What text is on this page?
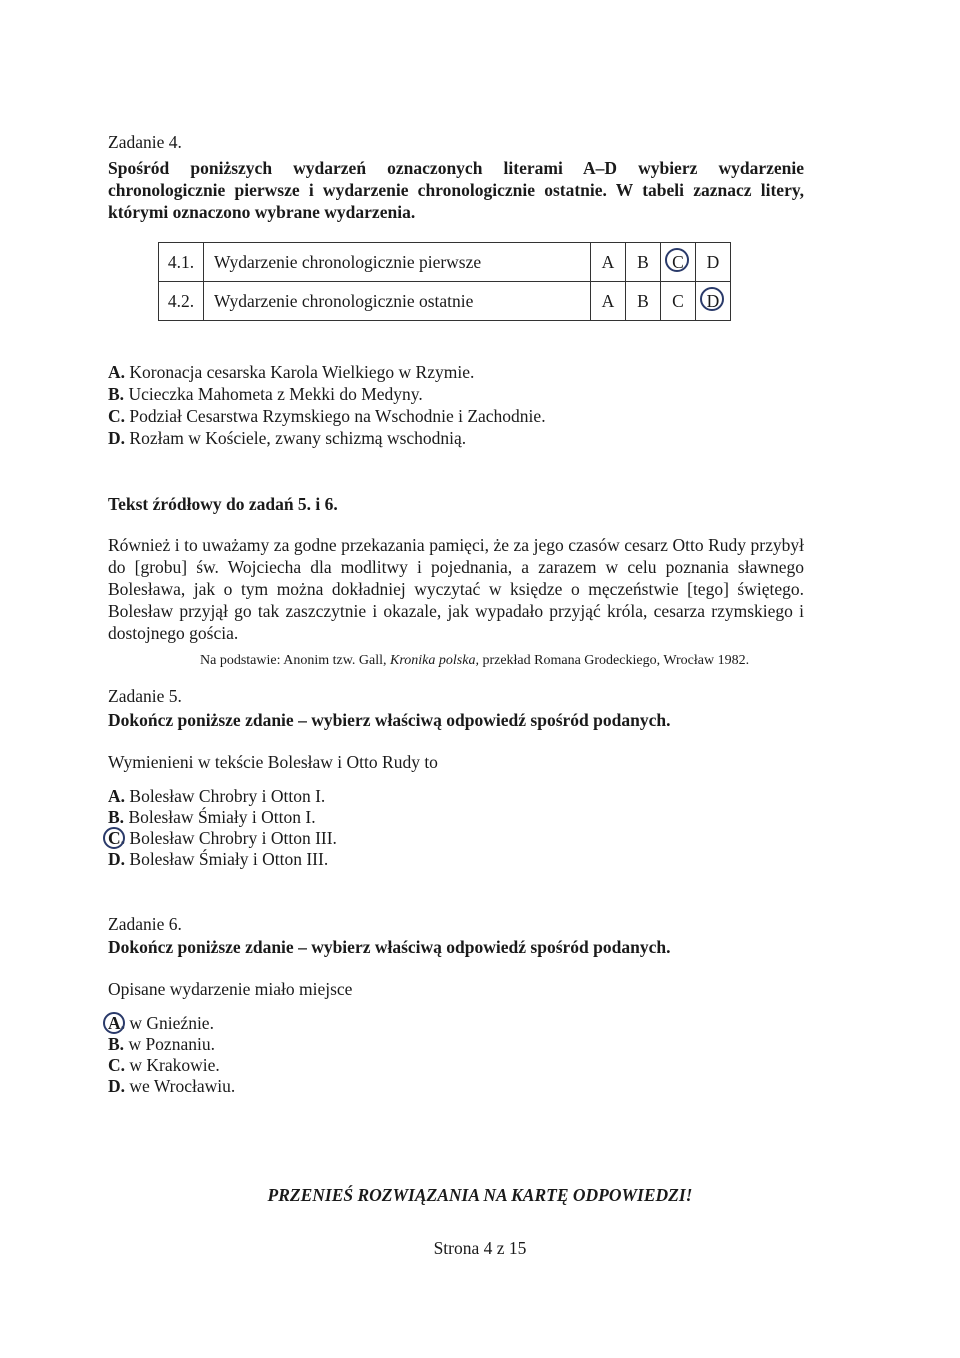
Zadanie 4.
Spośród poniższych wydarzeń oznaczonych literami A–D wybierz wydarzenie
chronologicznie pierwsze i wydarzenie chronologicznie ostatnie. W tabeli zaznacz litery,
którymi oznaczono wybrane wydarzenia.
4.1.	Wydarzenie chronologicznie pierwsze	A	B	C	D
4.2.	Wydarzenie chronologicznie ostatnie	A	B	C	D
A. Koronacja cesarska Karola Wielkiego w Rzymie.
B. Ucieczka Mahometa z Mekki do Medyny.
C. Podział Cesarstwa Rzymskiego na Wschodnie i Zachodnie.
D. Rozłam w Kościele, zwany schizmą wschodnią.
Tekst źródłowy do zadań 5. i 6.
Również i to uważamy za godne przekazania pamięci, że za jego czasów cesarz Otto Rudy przybył do [grobu] św. Wojciecha dla modlitwy i pojednania, a zarazem w celu poznania sławnego Bolesława, jak o tym można dokładniej wyczytać w księdze o męczeństwie [tego] świętego. Bolesław przyjął go tak zaszczytnie i okazale, jak wypadało przyjąć króla, cesarza rzymskiego i dostojnego gościa.
Na podstawie: Anonim tzw. Gall, Kronika polska, przekład Romana Grodeckiego, Wrocław 1982.
Zadanie 5.
Dokończ poniższe zdanie – wybierz właściwą odpowiedź spośród podanych.
Wymienieni w tekście Bolesław i Otto Rudy to
A. Bolesław Chrobry i Otton I.
B. Bolesław Śmiały i Otton I.
C. Bolesław Chrobry i Otton III.
D. Bolesław Śmiały i Otton III.
Zadanie 6.
Dokończ poniższe zdanie – wybierz właściwą odpowiedź spośród podanych.
Opisane wydarzenie miało miejsce
A. w Gnieźnie.
B. w Poznaniu.
C. w Krakowie.
D. we Wrocławiu.
PRZENIEŚ ROZWIĄZANIA NA KARTĘ ODPOWIEDZI!
Strona 4 z 15
